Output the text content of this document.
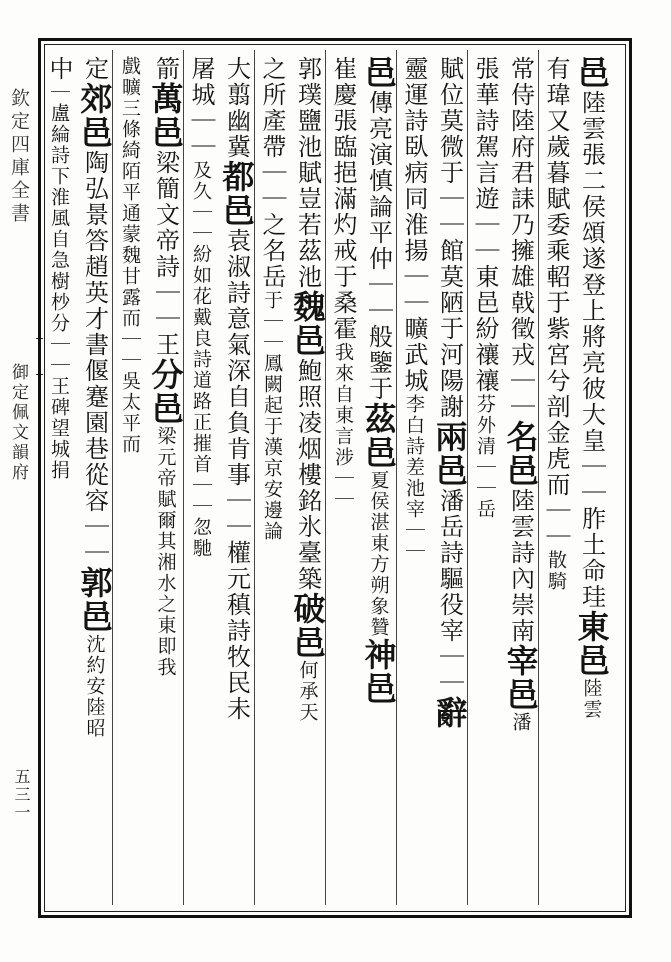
欽定四庫全書
御定佩文韻府
五三一
邑陸雲張二侯頌遂登上將亮彼大皇｜｜胙土命珪東邑陸雲
有瑋又歲暮賦委乘軺于紫宮兮剖金虎而｜｜散騎
常侍陸府君誄乃擁雄戟徵戎｜｜名邑陸雲詩內崇南宰邑潘
張華詩駕言遊｜｜東邑紛禳禳芬外清｜｜岳
賦位莫微于｜｜館莫陋于河陽謝兩邑潘岳詩驅役宰｜｜辭
靈運詩臥病同淮揚｜｜曠武城李白詩差池宰｜｜
邑傳亮演慎論平仲｜｜般鑒于茲邑夏侯湛東方朔象贊神邑
崔慶張臨挹滿灼戒于桑霍我來自東言涉｜｜
郭璞鹽池賦豈若茲池魏邑鮑照凌烟樓銘氷臺築破邑何承天
之所產帶｜｜之名岳于｜｜鳳闕起于漢京安邊論
大翦幽冀都邑袁淑詩意氣深自負肯事｜｜權元稹詩牧民未
屠城｜｜及久｜｜紛如花戴良詩道路正摧首｜｜忽馳
箭萬邑梁簡文帝詩｜｜王分邑梁元帝賦爾其湘水之東即我
戲曠三條綺陌平通蒙魏甘露而｜｜吳太平而
定郊邑陶弘景答趙英才書偃蹇園巷從容｜｜郭邑沈約安陸昭
中｜盧綸詩下淮風自急樹杪分｜｜王碑望城捐
